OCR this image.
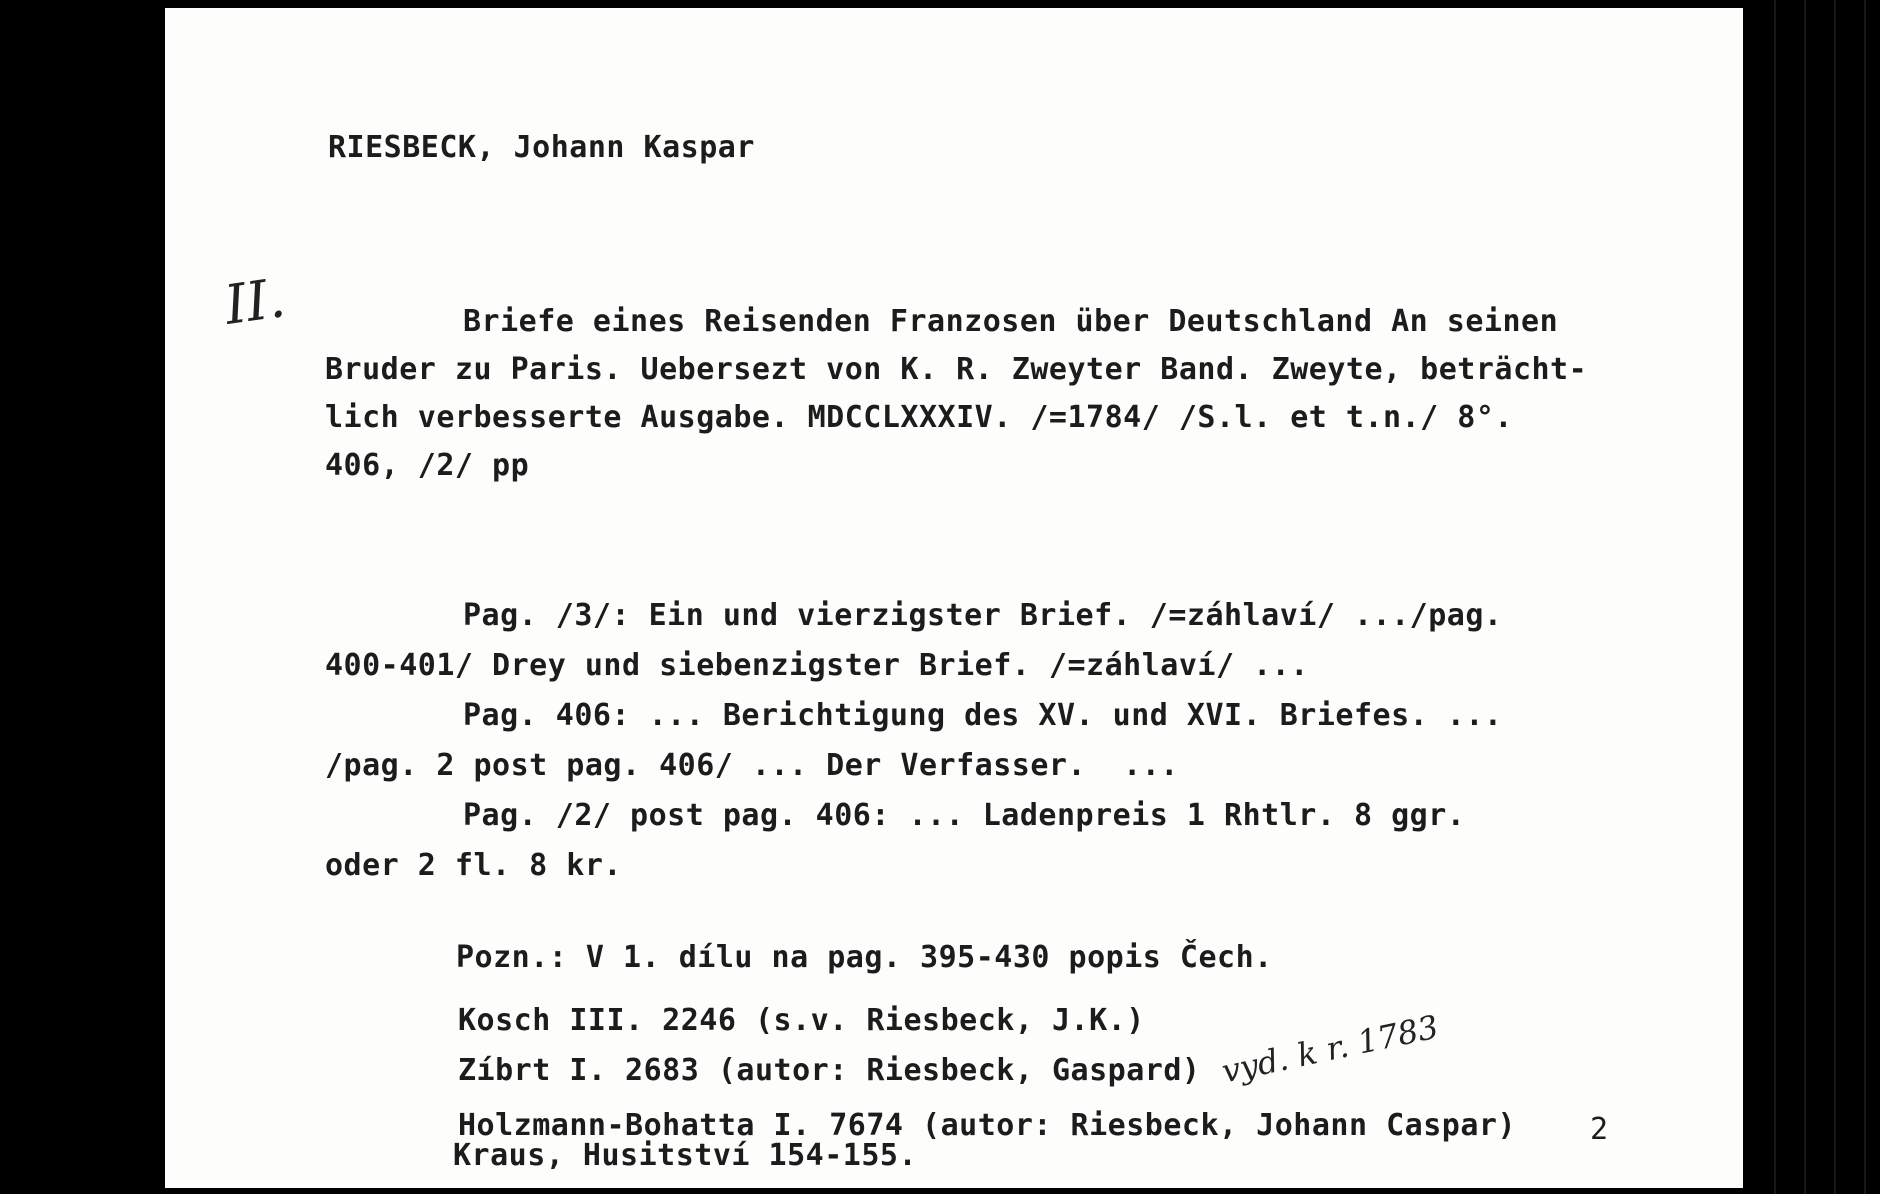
RIESBECK, Johann Kaspar
II.	Briefe eines Reisenden Franzosen über Deutschland An seinen
Bruder zu Paris. Uebersezt von K. R. Zweyter Band. Zweyte, beträcht-
lich verbesserte Ausgabe. MDCCLXXXIV. /=1784/ /S.l. et t.n./ 8°.
406, /2/ pp
Pag. /3/: Ein und vierzigster Brief. /=záhlaví/ .../pag.
400-401/ Drey und siebenzigster Brief. /=záhlaví/ ...
Pag. 406: ... Berichtigung des XV. und XVI. Briefes. ...
/pag. 2 post pag. 406/ ... Der Verfasser.  ...
Pag. /2/ post pag. 406: ... Ladenpreis 1 Rhtlr. 8 ggr.
oder 2 fl. 8 kr.
Pozn.: V 1. dílu na pag. 395-430 popis Čech.
Kosch III. 2246 (s.v. Riesbeck, J.K.)
Zíbrt I. 2683 (autor: Riesbeck, Gaspard)
Holzmann-Bohatta I. 7674 (autor: Riesbeck, Johann Caspar)
Kraus, Husitství 154-155.
vyd. k r. 1783
2
